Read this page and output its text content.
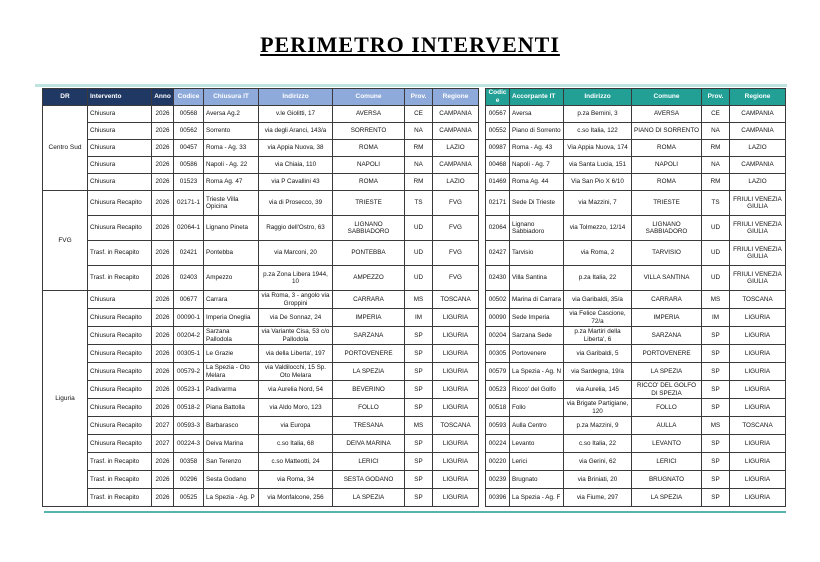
PERIMETRO INTERVENTI
DR	Intervento	Anno	Codice	Chiusura IT	Indirizzo	Comune	Prov.	Regione		Codice	Accorpante IT	Indirizzo	Comune	Prov.	Regione
Centro Sud	Chiusura	2026	00568	Aversa Ag.2	v.le Giolitti, 17	AVERSA	CE	CAMPANIA		00567	Aversa	p.za Bernini, 3	AVERSA	CE	CAMPANIA
	Chiusura	2026	00562	Sorrento	via degli Aranci, 143/a	SORRENTO	NA	CAMPANIA		00552	Piano di Sorrento	c.so Italia, 122	PIANO DI SORRENTO	NA	CAMPANIA
	Chiusura	2026	00457	Roma - Ag. 33	via Appia Nuova, 38	ROMA	RM	LAZIO		00987	Roma - Ag. 43	Via Appia Nuova, 174	ROMA	RM	LAZIO
	Chiusura	2026	00586	Napoli - Ag. 22	via Chiaia, 110	NAPOLI	NA	CAMPANIA		00468	Napoli - Ag. 7	via Santa Lucia, 151	NAPOLI	NA	CAMPANIA
	Chiusura	2026	01523	Roma Ag. 47	via P Cavallini 43	ROMA	RM	LAZIO		01469	Roma Ag. 44	Via San Pio X 6/10	ROMA	RM	LAZIO
FVG	Chiusura Recapito	2026	02171-1	Trieste Villa Opicina	via di Prosecco, 39	TRIESTE	TS	FVG		02171	Sede Di Trieste	via Mazzini, 7	TRIESTE	TS	FRIULI VENEZIA GIULIA
	Chiusura Recapito	2026	02064-1	Lignano Pineta	Raggio dell'Ostro, 63	LIGNANO SABBIADORO	UD	FVG		02064	Lignano Sabbiadoro	via Tolmezzo, 12/14	LIGNANO SABBIADORO	UD	FRIULI VENEZIA GIULIA
	Trasf. in Recapito	2026	02421	Pontebba	via Marconi, 20	PONTEBBA	UD	FVG		02427	Tarvisio	via Roma, 2	TARVISIO	UD	FRIULI VENEZIA GIULIA
	Trasf. in Recapito	2026	02403	Ampezzo	p.za Zona Libera 1944, 10	AMPEZZO	UD	FVG		02430	Villa Santina	p.za Italia, 22	VILLA SANTINA	UD	FRIULI VENEZIA GIULIA
Liguria	Chiusura	2026	00677	Carrara	via Roma, 3 - angolo via Groppini	CARRARA	MS	TOSCANA		00502	Marina di Carrara	via Garibaldi, 35/a	CARRARA	MS	TOSCANA
	Chiusura Recapito	2026	00090-1	Imperia Oneglia	via De Sonnaz, 24	IMPERIA	IM	LIGURIA		00090	Sede Imperia	via Felice Cascione, 72/a	IMPERIA	IM	LIGURIA
	Chiusura Recapito	2026	00204-2	Sarzana Pallodola	via Variante Cisa, 53 c/o Pallodola	SARZANA	SP	LIGURIA		00204	Sarzana Sede	p.za Martiri della Liberta', 6	SARZANA	SP	LIGURIA
	Chiusura Recapito	2026	00305-1	Le Grazie	via della Liberta', 197	PORTOVENERE	SP	LIGURIA		00305	Portovenere	via Garibaldi, 5	PORTOVENERE	SP	LIGURIA
	Chiusura Recapito	2026	00579-2	La Spezia - Oto Melara	via Valdilocchi, 15 Sp. Oto Melara	LA SPEZIA	SP	LIGURIA		00579	La Spezia - Ag. N	via Sardegna, 19/a	LA SPEZIA	SP	LIGURIA
	Chiusura Recapito	2026	00523-1	Padivarma	via Aurelia Nord, 54	BEVERINO	SP	LIGURIA		00523	Ricco' del Golfo	via Aurelia, 145	RICCO' DEL GOLFO DI SPEZIA	SP	LIGURIA
	Chiusura Recapito	2026	00518-2	Piana Battolla	via Aldo Moro, 123	FOLLO	SP	LIGURIA		00518	Follo	via Brigate Partigiane, 120	FOLLO	SP	LIGURIA
	Chiusura Recapito	2027	00593-3	Barbarasco	via Europa	TRESANA	MS	TOSCANA		00593	Aulla Centro	p.za Mazzini, 9	AULLA	MS	TOSCANA
	Chiusura Recapito	2027	00224-3	Deiva Marina	c.so Italia, 68	DEIVA MARINA	SP	LIGURIA		00224	Levanto	c.so Italia, 22	LEVANTO	SP	LIGURIA
	Trasf. in Recapito	2026	00358	San Terenzo	c.so Matteotti, 24	LERICI	SP	LIGURIA		00220	Lerici	via Gerini, 62	LERICI	SP	LIGURIA
	Trasf. in Recapito	2026	00296	Sesta Godano	via Roma, 34	SESTA GODANO	SP	LIGURIA		00239	Brugnato	via Briniati, 20	BRUGNATO	SP	LIGURIA
	Trasf. in Recapito	2026	00525	La Spezia - Ag. P	via Monfalcone, 256	LA SPEZIA	SP	LIGURIA		00396	La Spezia - Ag. F	via Fiume, 297	LA SPEZIA	SP	LIGURIA
